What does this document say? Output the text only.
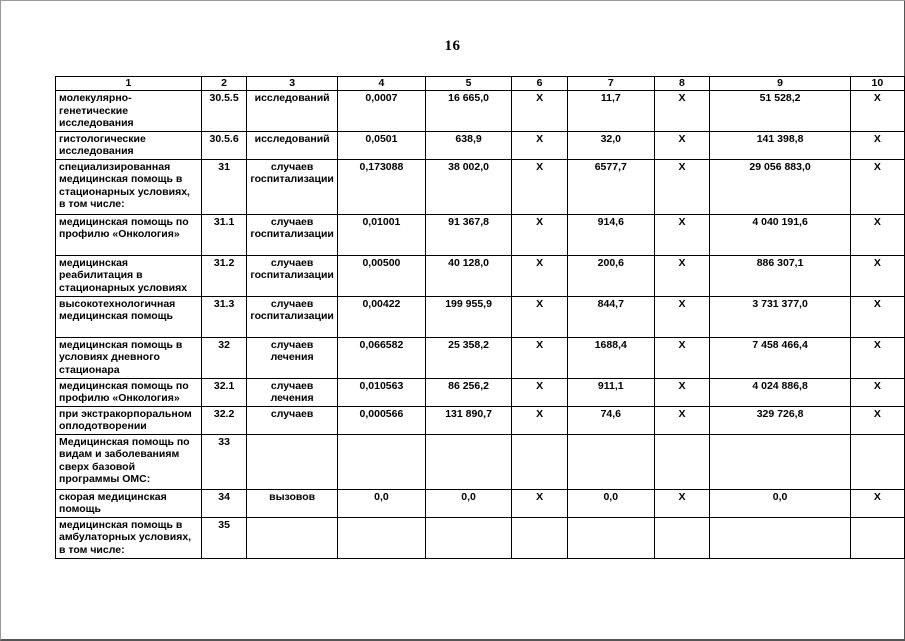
16
1	2	3	4	5	6	7	8	9	10
молекулярно-генетические исследования	30.5.5	исследований	0,0007	16 665,0	Х	11,7	Х	51 528,2	Х
гистологические исследования	30.5.6	исследований	0,0501	638,9	Х	32,0	Х	141 398,8	Х
специализированная медицинская помощь в стационарных условиях, в том числе:	31	случаев госпитализации	0,173088	38 002,0	Х	6577,7	Х	29 056 883,0	Х
медицинская помощь по профилю «Онкология»	31.1	случаев госпитализации	0,01001	91 367,8	Х	914,6	Х	4 040 191,6	Х
медицинская реабилитация в стационарных условиях	31.2	случаев госпитализации	0,00500	40 128,0	Х	200,6	Х	886 307,1	Х
высокотехнологичная медицинская помощь	31.3	случаев госпитализации	0,00422	199 955,9	Х	844,7	Х	3 731 377,0	Х
медицинская помощь в условиях дневного стационара	32	случаев лечения	0,066582	25 358,2	Х	1688,4	Х	7 458 466,4	Х
медицинская помощь по профилю «Онкология»	32.1	случаев лечения	0,010563	86 256,2	Х	911,1	Х	4 024 886,8	Х
при экстракорпоральном оплодотворении	32.2	случаев	0,000566	131 890,7	Х	74,6	Х	329 726,8	Х
Медицинская помощь по видам и заболеваниям сверх базовой программы ОМС:	33								
скорая медицинская помощь	34	вызовов	0,0	0,0	Х	0,0	Х	0,0	Х
медицинская помощь в амбулаторных условиях, в том числе:	35								
